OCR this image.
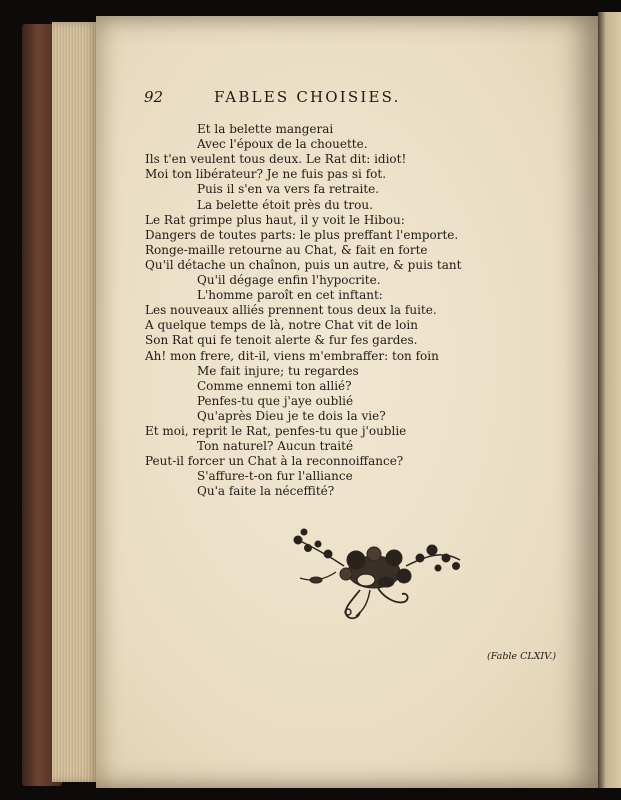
92	FABLES CHOISIES.
Et la belette mangerai
Avec l'époux de la chouette.
Ils t'en veulent tous deux. Le Rat dit: idiot!
Moi ton libérateur? Je ne fuis pas si fot.
Puis il s'en va vers fa retraite.
La belette étoit près du trou.
Le Rat grimpe plus haut, il y voit le Hibou:
Dangers de toutes parts: le plus preffant l'emporte.
Ronge-maille retourne au Chat, & fait en forte
Qu'il détache un chaînon, puis un autre, & puis tant
Qu'il dégage enfin l'hypocrite.
L'homme paroît en cet inftant:
Les nouveaux alliés prennent tous deux la fuite.
A quelque temps de là, notre Chat vit de loin
Son Rat qui fe tenoit alerte & fur fes gardes.
Ah! mon frere, dit-il, viens m'embraffer: ton foin
Me fait injure; tu regardes
Comme ennemi ton allié?
Penfes-tu que j'aye oublié
Qu'après Dieu je te dois la vie?
Et moi, reprit le Rat, penfes-tu que j'oublie
Ton naturel? Aucun traité
Peut-il forcer un Chat à la reconnoiffance?
S'affure-t-on fur l'alliance
Qu'a faite la néceffité?
(Fable CLXIV.)
